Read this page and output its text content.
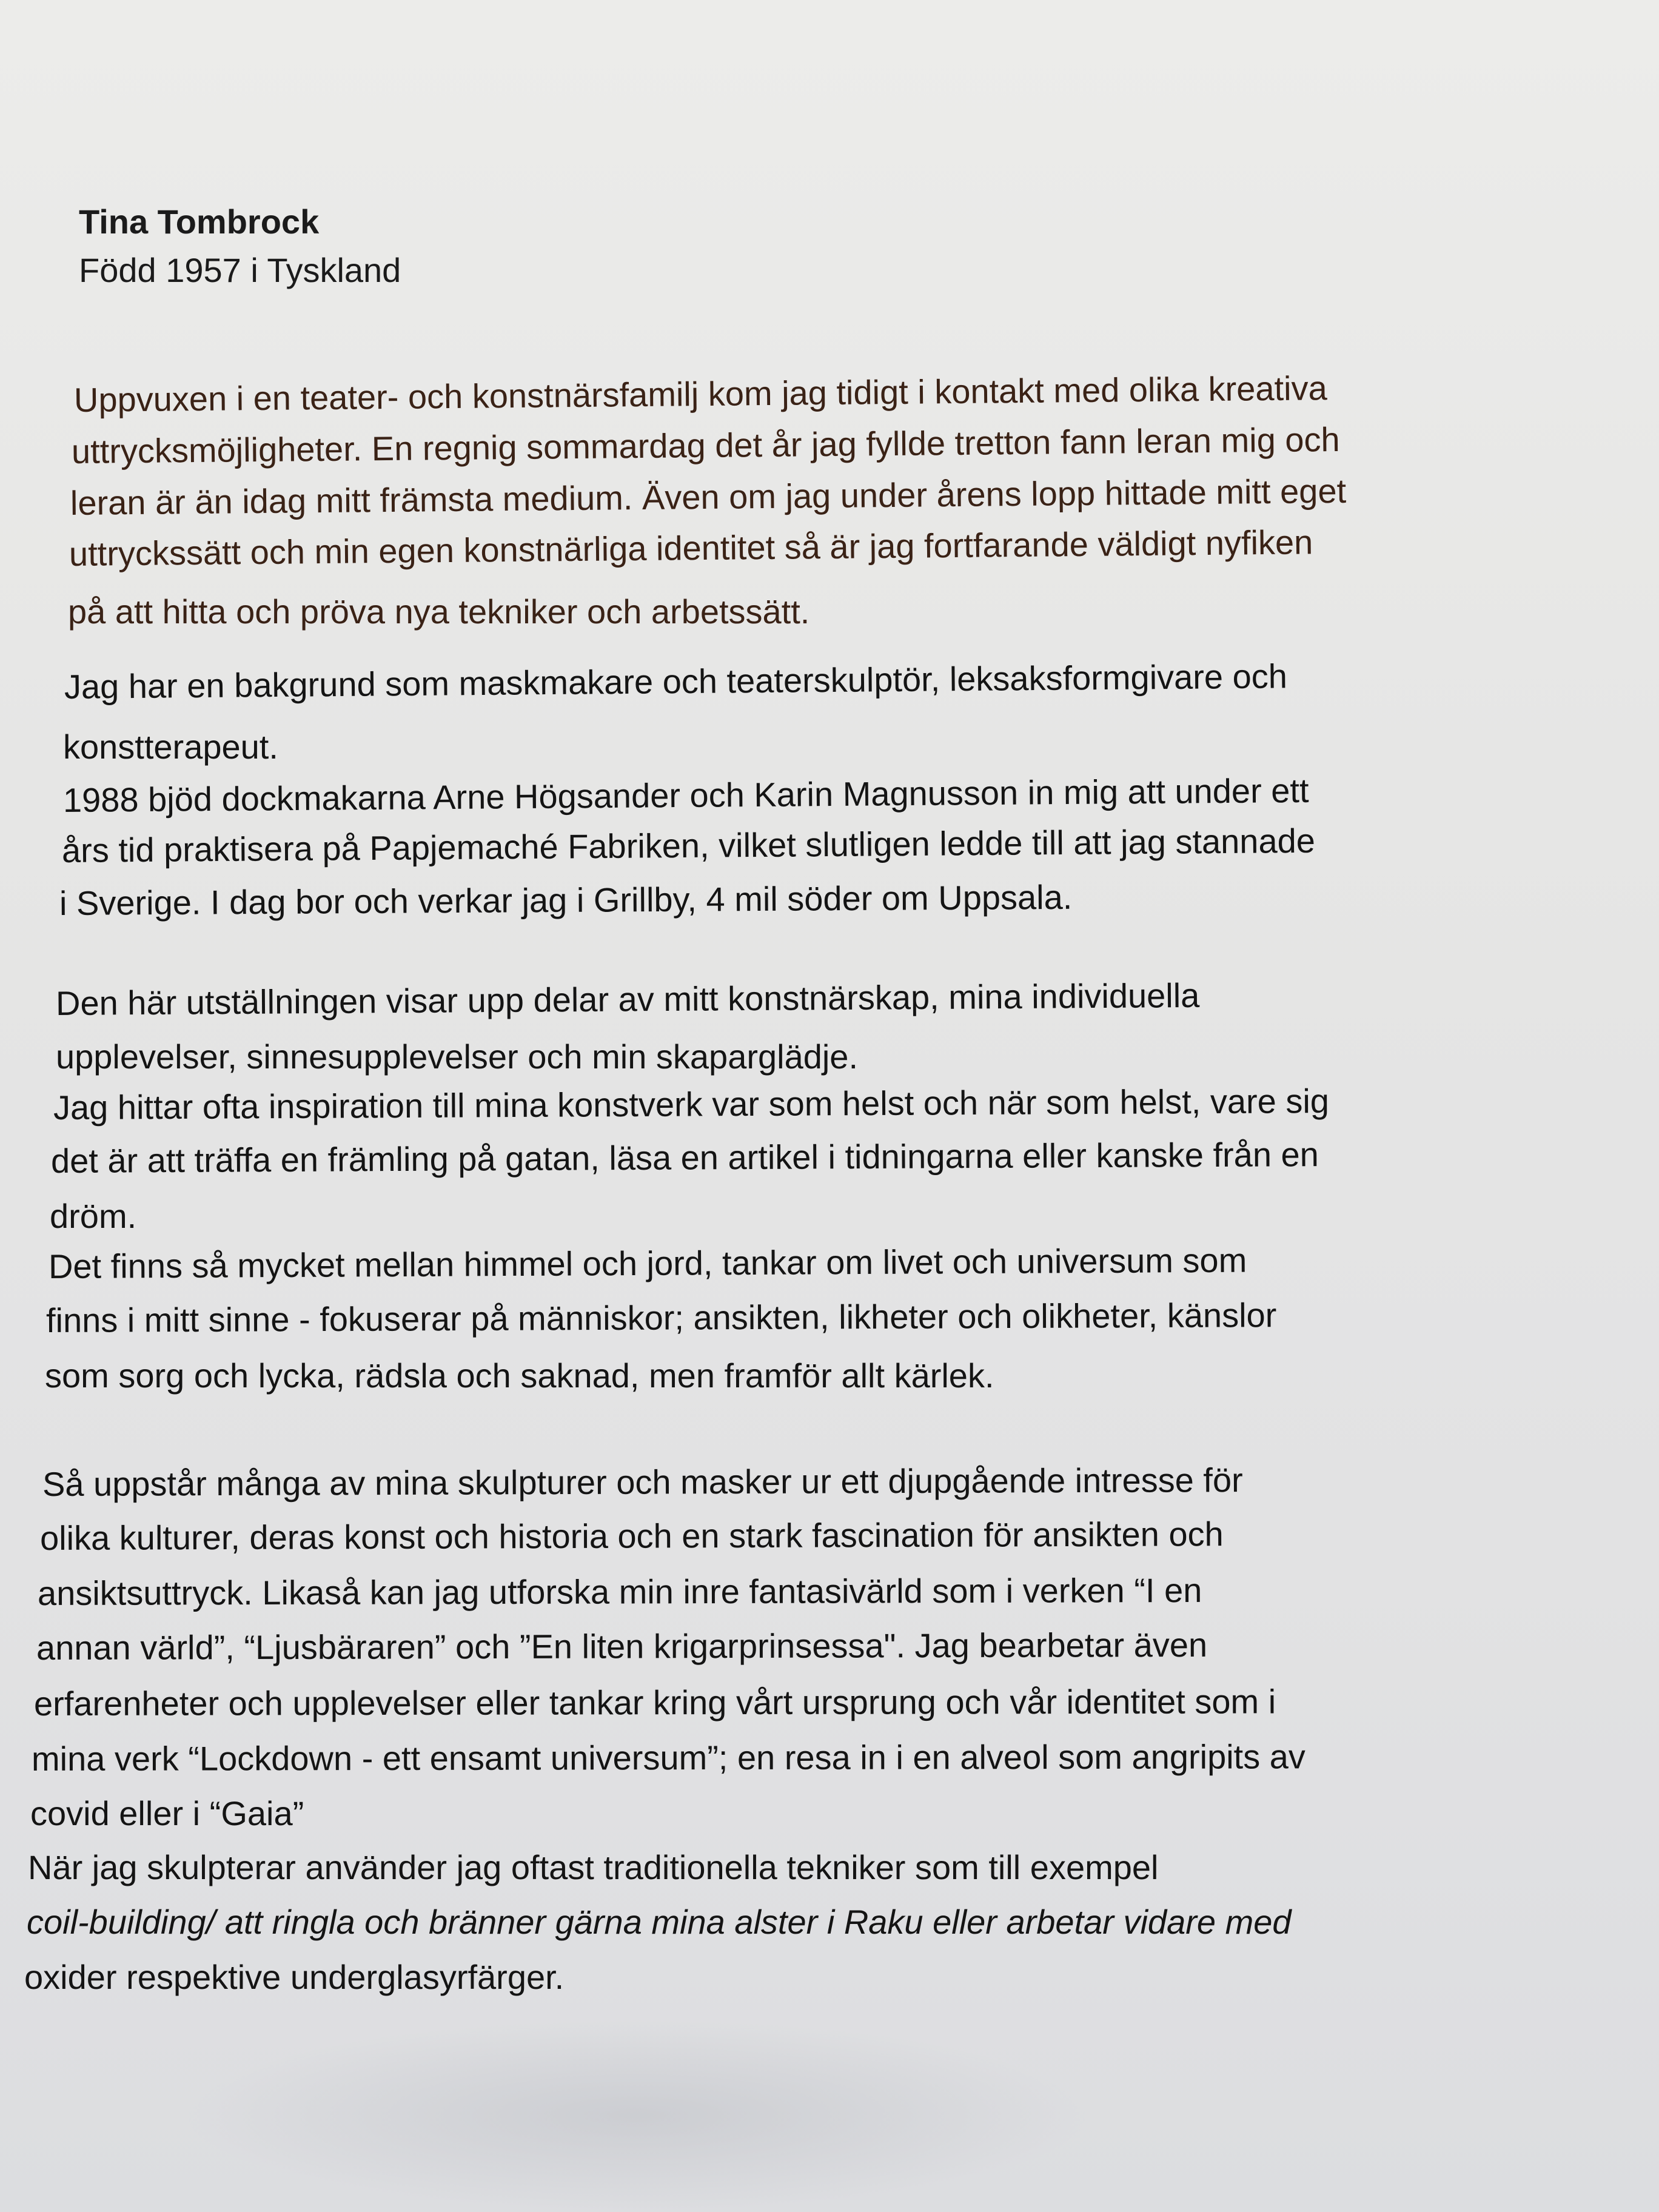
Tina Tombrock
Född 1957 i Tyskland

Uppvuxen i en teater- och konstnärsfamilj kom jag tidigt i kontakt med olika kreativa

uttrycksmöjligheter. En regnig sommardag det år jag fyllde tretton fann leran mig och

leran är än idag mitt främsta medium. Även om jag under årens lopp hittade mitt eget

uttryckssätt och min egen konstnärliga identitet så är jag fortfarande väldigt nyfiken

på att hitta och pröva nya tekniker och arbetssätt.

Jag har en bakgrund som maskmakare och teaterskulptör, leksaksformgivare och

konstterapeut.

1988 bjöd dockmakarna Arne Högsander och Karin Magnusson in mig att under ett

års tid praktisera på Papjemaché Fabriken, vilket slutligen ledde till att jag stannade

i Sverige. I dag bor och verkar jag i Grillby, 4 mil söder om Uppsala.

Den här utställningen visar upp delar av mitt konstnärskap, mina individuella

upplevelser, sinnesupplevelser och min skaparglädje.

Jag hittar ofta inspiration till mina konstverk var som helst och när som helst, vare sig

det är att träffa en främling på gatan, läsa en artikel i tidningarna eller kanske från en

dröm.

Det finns så mycket mellan himmel och jord, tankar om livet och universum som

finns i mitt sinne - fokuserar på människor; ansikten, likheter och olikheter, känslor

som sorg och lycka, rädsla och saknad, men framför allt kärlek.

Så uppstår många av mina skulpturer och masker ur ett djupgående intresse för

olika kulturer, deras konst och historia och en stark fascination för ansikten och

ansiktsuttryck. Likaså kan jag utforska min inre fantasivärld som i verken “I en

annan värld”, “Ljusbäraren” och ”En liten krigarprinsessa". Jag bearbetar även

erfarenheter och upplevelser eller tankar kring vårt ursprung och vår identitet som i

mina verk “Lockdown - ett ensamt universum”; en resa in i en alveol som angripits av

covid eller i “Gaia”

När jag skulpterar använder jag oftast traditionella tekniker som till exempel

coil-building/ att ringla och bränner gärna mina alster i Raku eller arbetar vidare med

oxider respektive underglasyrfärger.
